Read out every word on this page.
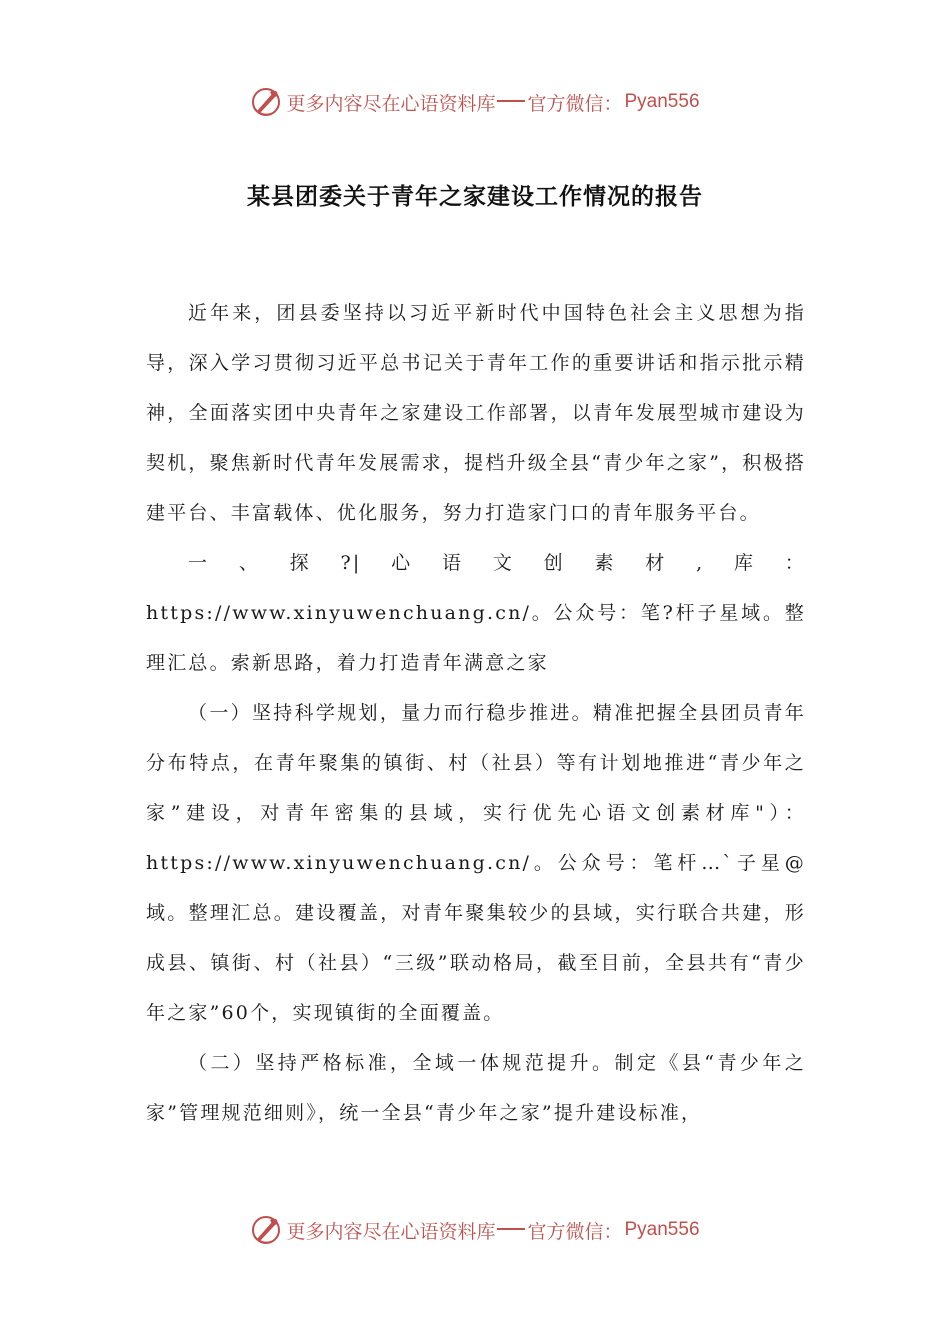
更多内容尽在心语资料库 官方微信： Pyan556
某县团委关于青年之家建设工作情况的报告

近年来，团县委坚持以习近平新时代中国特色社会主义思想为指导，深入学习贯彻习近平总书记关于青年工作的重要讲话和指示批示精神，全面落实团中央青年之家建设工作部署，以青年发展型城市建设为契机，聚焦新时代青年发展需求，提档升级全县“青少年之家”，积极搭建平台、丰富载体、优化服务，努力打造家门口的青年服务平台。

一、探?|心语文创素材,库：https://www.xinyuwenchuang.cn/。公众号：笔?杆子星域。整理汇总。索新思路，着力打造青年满意之家

（一）坚持科学规划，量力而行稳步推进。精准把握全县团员青年分布特点，在青年聚集的镇街、村（社县）等有计划地推进“青少年之家”建设，对青年密集的县域，实行优先心语文创素材库"）：https://www.xinyuwenchuang.cn/。公众号：笔杆…`子星@域。整理汇总。建设覆盖，对青年聚集较少的县域，实行联合共建，形成县、镇街、村（社县）“三级”联动格局，截至目前，全县共有“青少年之家”60个，实现镇街的全面覆盖。

（二）坚持严格标准，全域一体规范提升。制定《县“青少年之家”管理规范细则》，统一全县“青少年之家”提升建设标准，

更多内容尽在心语资料库 官方微信： Pyan556
